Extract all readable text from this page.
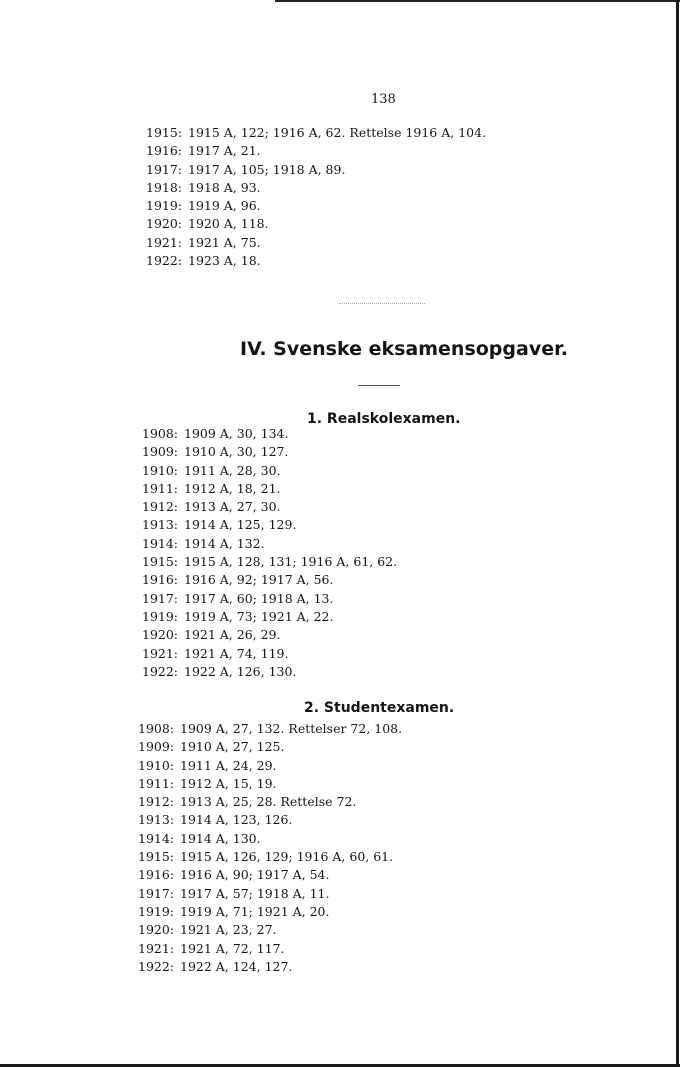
138
1915: 1915 A, 122; 1916 A, 62. Rettelse 1916 A, 104.
1916: 1917 A, 21.
1917: 1917 A, 105; 1918 A, 89.
1918: 1918 A, 93.
1919: 1919 A, 96.
1920: 1920 A, 118.
1921: 1921 A, 75.
1922: 1923 A, 18.
IV. Svenske eksamensopgaver.
1. Realskolexamen.
1908: 1909 A, 30, 134.
1909: 1910 A, 30, 127.
1910: 1911 A, 28, 30.
1911: 1912 A, 18, 21.
1912: 1913 A, 27, 30.
1913: 1914 A, 125, 129.
1914: 1914 A, 132.
1915: 1915 A, 128, 131; 1916 A, 61, 62.
1916: 1916 A, 92; 1917 A, 56.
1917: 1917 A, 60; 1918 A, 13.
1919: 1919 A, 73; 1921 A, 22.
1920: 1921 A, 26, 29.
1921: 1921 A, 74, 119.
1922: 1922 A, 126, 130.
2. Studentexamen.
1908: 1909 A, 27, 132. Rettelser 72, 108.
1909: 1910 A, 27, 125.
1910: 1911 A, 24, 29.
1911: 1912 A, 15, 19.
1912: 1913 A, 25, 28. Rettelse 72.
1913: 1914 A, 123, 126.
1914: 1914 A, 130.
1915: 1915 A, 126, 129; 1916 A, 60, 61.
1916: 1916 A, 90; 1917 A, 54.
1917: 1917 A, 57; 1918 A, 11.
1919: 1919 A, 71; 1921 A, 20.
1920: 1921 A, 23, 27.
1921: 1921 A, 72, 117.
1922: 1922 A, 124, 127.
